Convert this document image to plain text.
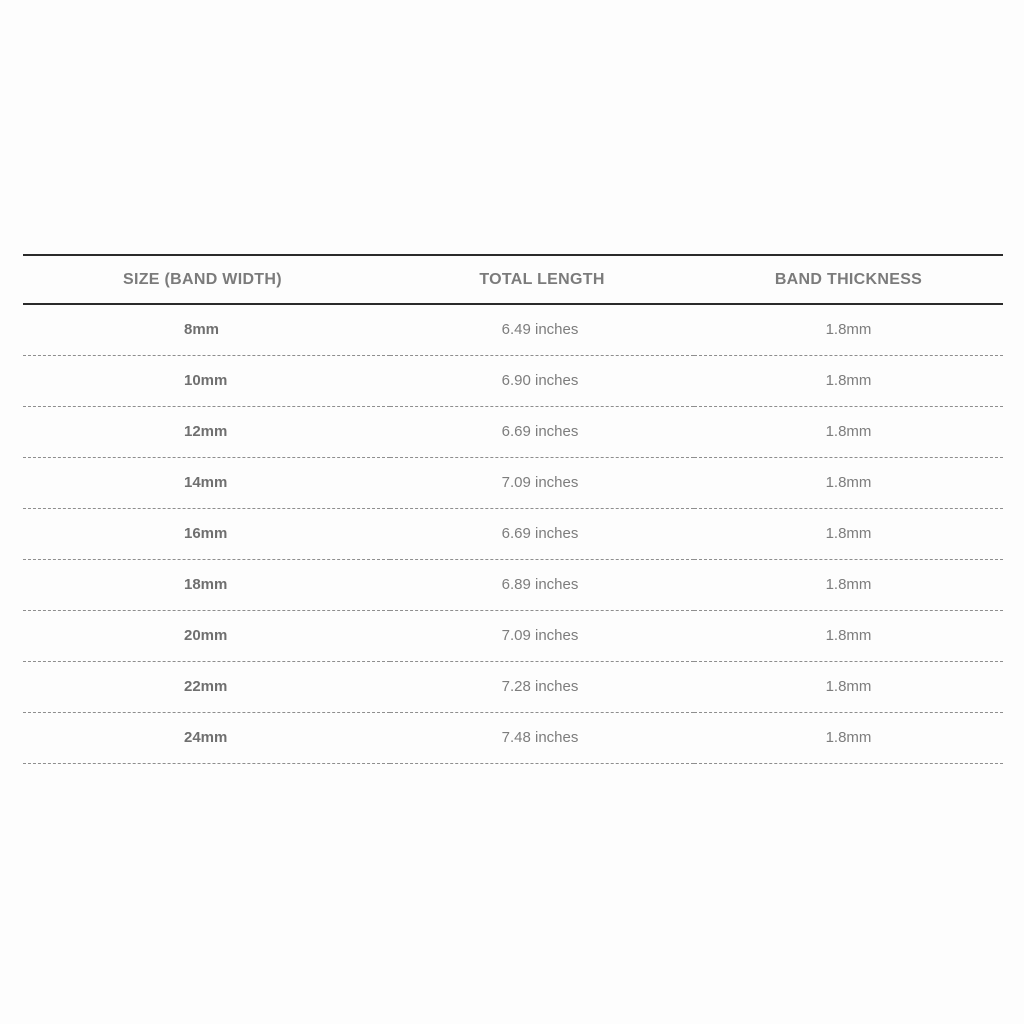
SIZE (BAND WIDTH)	TOTAL LENGTH	BAND THICKNESS
8mm	6.49 inches	1.8mm
10mm	6.90 inches	1.8mm
12mm	6.69 inches	1.8mm
14mm	7.09 inches	1.8mm
16mm	6.69 inches	1.8mm
18mm	6.89 inches	1.8mm
20mm	7.09 inches	1.8mm
22mm	7.28 inches	1.8mm
24mm	7.48 inches	1.8mm
